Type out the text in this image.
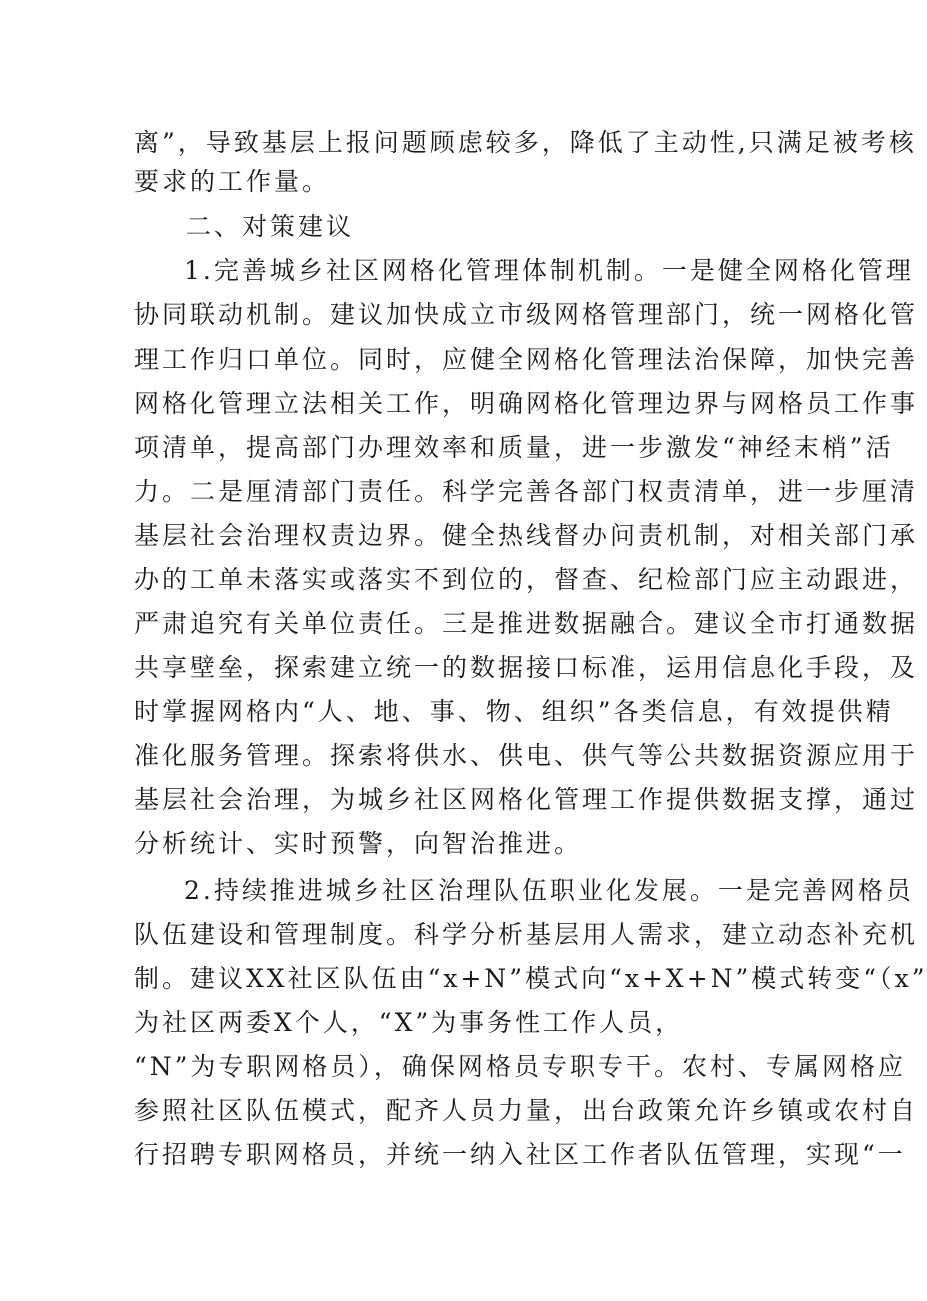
离”，导致基层上报问题顾虑较多，降低了主动性,只满足被考核
要求的工作量。
二、对策建议
1.完善城乡社区网格化管理体制机制。一是健全网格化管理
协同联动机制。建议加快成立市级网格管理部门，统一网格化管
理工作归口单位。同时，应健全网格化管理法治保障，加快完善
网格化管理立法相关工作，明确网格化管理边界与网格员工作事
项清单，提高部门办理效率和质量，进一步激发“神经末梢”活
力。二是厘清部门责任。科学完善各部门权责清单，进一步厘清
基层社会治理权责边界。健全热线督办问责机制，对相关部门承
办的工单未落实或落实不到位的，督查、纪检部门应主动跟进，
严肃追究有关单位责任。三是推进数据融合。建议全市打通数据
共享壁垒，探索建立统一的数据接口标准，运用信息化手段，及
时掌握网格内“人、地、事、物、组织”各类信息，有效提供精
准化服务管理。探索将供水、供电、供气等公共数据资源应用于
基层社会治理，为城乡社区网格化管理工作提供数据支撑，通过
分析统计、实时预警，向智治推进。
2.持续推进城乡社区治理队伍职业化发展。一是完善网格员
队伍建设和管理制度。科学分析基层用人需求，建立动态补充机
制。建议XX社区队伍由“x+N”模式向“x+X+N”模式转变“（x”
为社区两委X个人，“X”为事务性工作人员，
“N”为专职网格员），确保网格员专职专干。农村、专属网格应
参照社区队伍模式，配齐人员力量，出台政策允许乡镇或农村自
行招聘专职网格员，并统一纳入社区工作者队伍管理，实现“一
